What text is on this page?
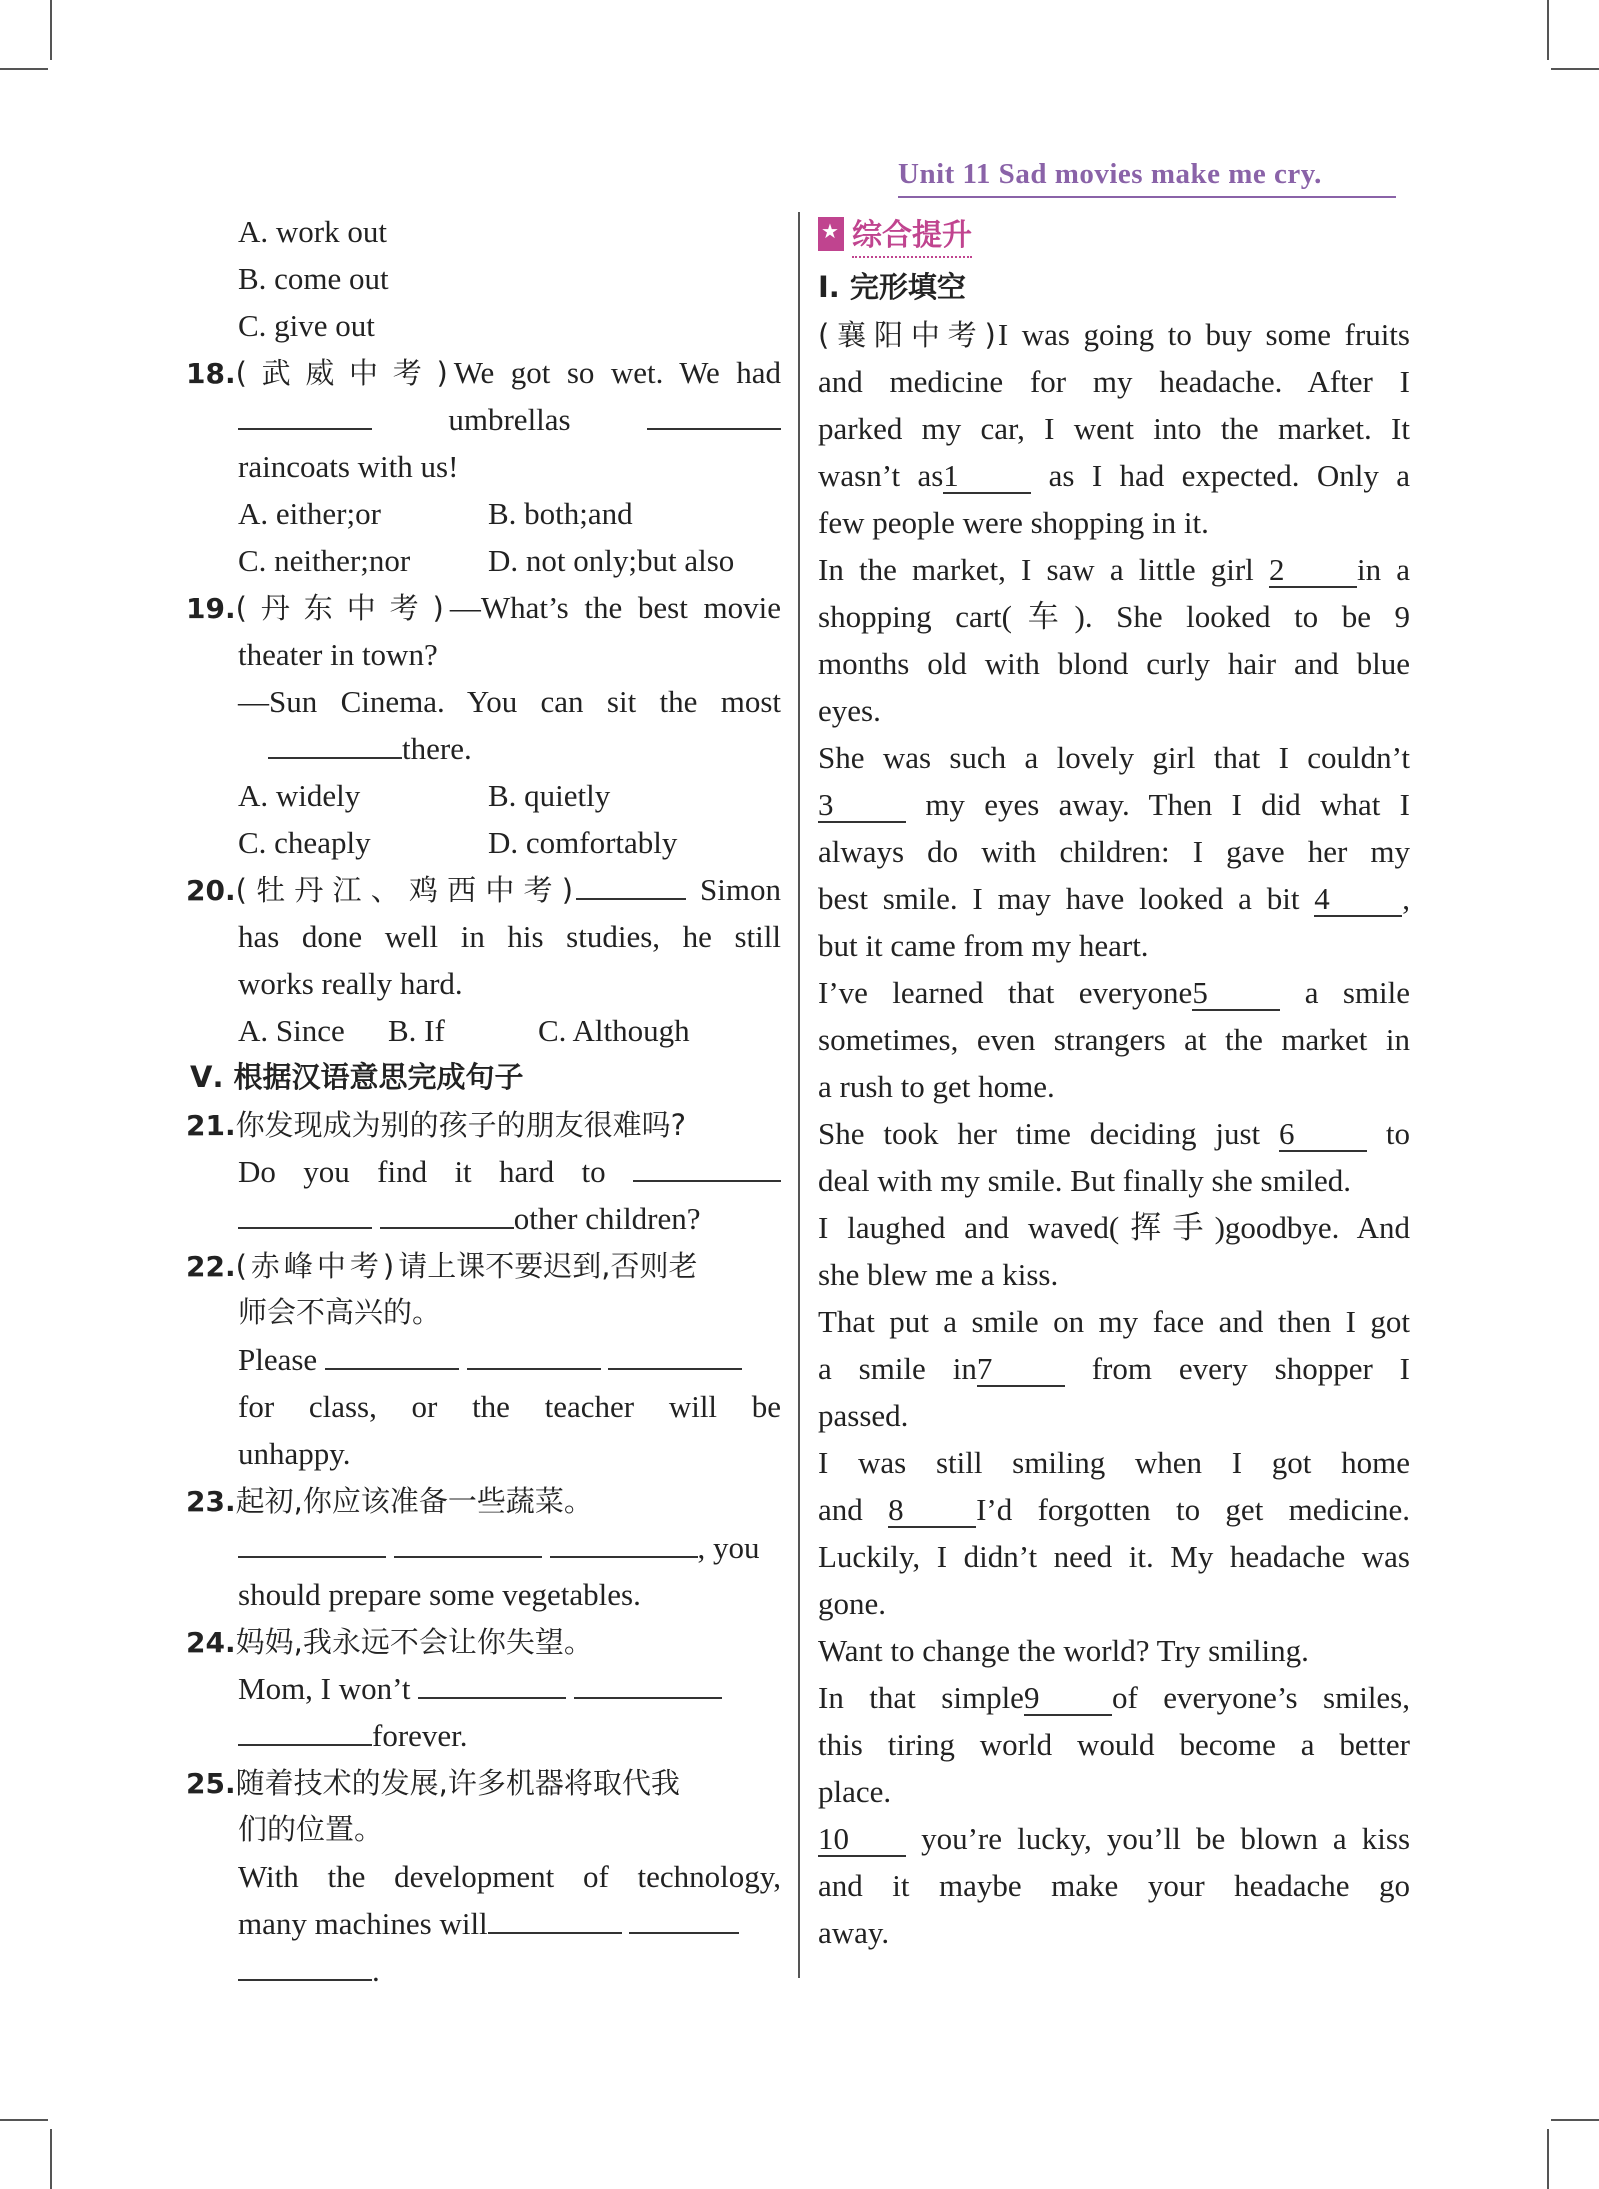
Unit 11 Sad movies make me cry.
A. work out
B. come out
C. give out
18.(武威中考)We got so wet. We had
umbrellas
raincoats with us!
A. either;or	B. both;and
C. neither;nor	D. not only;but also
19.(丹东中考)—What’s the best movie
theater in town?
—Sun Cinema. You can sit the most
there.
A. widely	B. quietly
C. cheaply	D. comfortably
20.(牡丹江、鸡西中考)	Simon
has done well in his studies, he still
works really hard.
A. Since	B. If	C. Although
Ⅴ. 根据汉语意思完成句子
21.你发现成为别的孩子的朋友很难吗?
Do you find it hard to
other children?
22.(赤峰中考)请上课不要迟到,否则老
师会不高兴的。
Please
for class, or the teacher will be
unhappy.
23.起初,你应该准备一些蔬菜。
, you
should prepare some vegetables.
24.妈妈,我永远不会让你失望。
Mom, I won’t
forever.
25.随着技术的发展,许多机器将取代我
们的位置。
With the development of technology,
many machines will
.
★
综合提升
Ⅰ. 完形填空
(襄阳中考)I was going to buy some fruits
and medicine for my headache. After I
parked my car, I went into the market. It
wasn’t as1	as I had expected. Only a
few people were shopping in it.
In the market, I saw a little girl 2 in a
shopping cart(车). She looked to be 9
months old with blond curly hair and blue
eyes.
She was such a lovely girl that I couldn’t
3	my eyes away. Then I did what I
always do with children: I gave her my
best smile. I may have looked a bit 4 ,
but it came from my heart.
I’ve learned that everyone5	a smile
sometimes, even strangers at the market in
a rush to get home.
She took her time deciding just 6	to
deal with my smile. But finally she smiled.
I laughed and waved(挥手)goodbye. And
she blew me a kiss.
That put a smile on my face and then I got
a smile in7	from every shopper I
passed.
I was still smiling when I got home
and 8 I’d forgotten to get medicine.
Luckily, I didn’t need it. My headache was
gone.
Want to change the world? Try smiling.
In that simple9 of everyone’s smiles,
this tiring world would become a better
place.
10 you’re lucky, you’ll be blown a kiss
and it maybe make your headache go
away.
